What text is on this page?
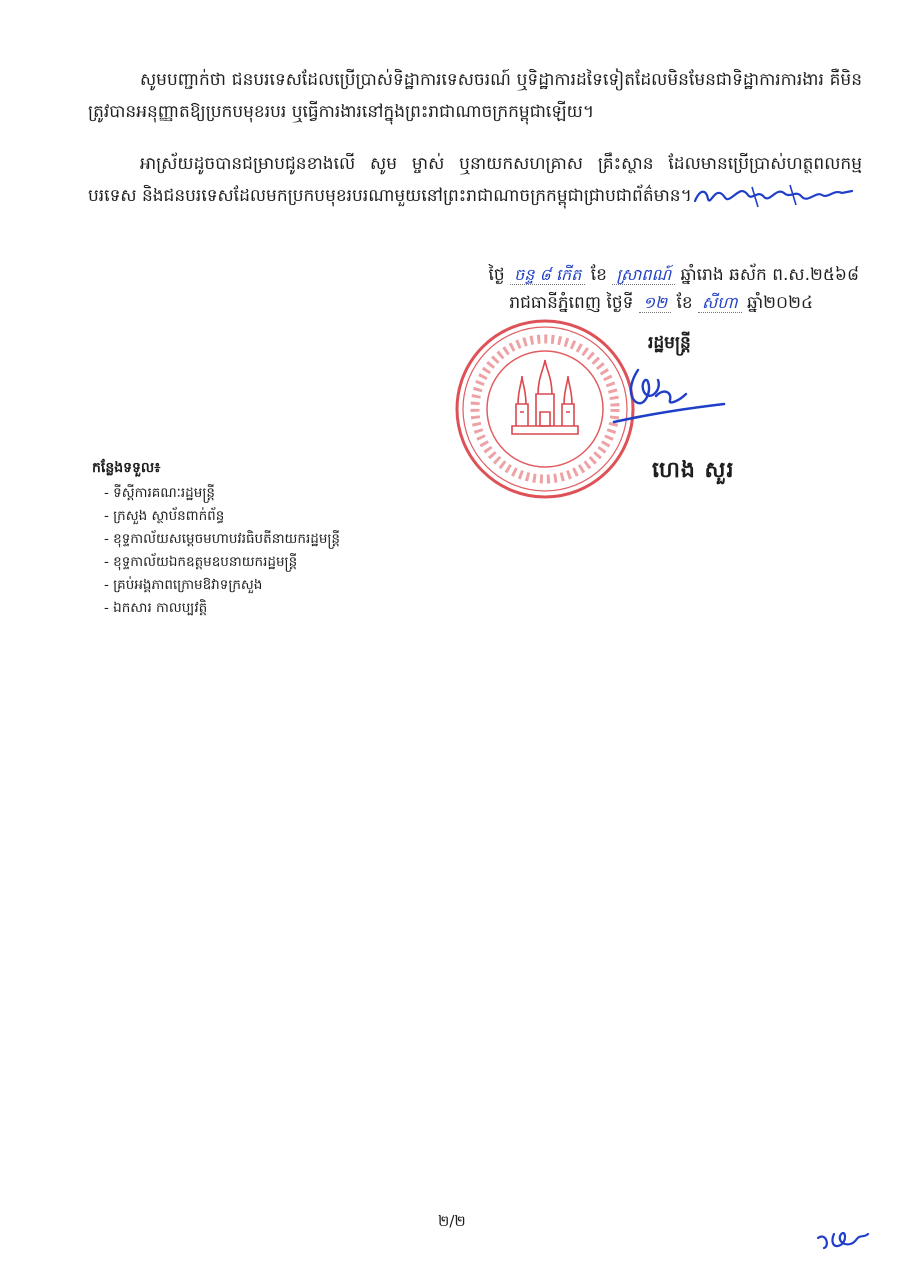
សូមបញ្ជាក់ថា ជនបរទេសដែលប្រើប្រាស់ទិដ្ឋាការទេសចរណ៍ ឬទិដ្ឋាការដទៃទៀតដែលមិនមែនជាទិដ្ឋាការការងារ គឺមិនត្រូវបានអនុញ្ញាតឱ្យប្រកបមុខរបរ ឬធ្វើការងារនៅក្នុងព្រះរាជាណាចក្រកម្ពុជាឡើយ។

អាស្រ័យដូចបានជម្រាបជូនខាងលើ សូម ម្ចាស់ ឬនាយកសហគ្រាស គ្រឹះស្ថាន ដែលមានប្រើប្រាស់ហត្ថពលកម្មបរទេស និងជនបរទេសដែលមកប្រកបមុខរបរណាមួយនៅព្រះរាជាណាចក្រកម្ពុជាជ្រាបជាព័ត៌មាន។

ថ្ងៃ ចន្ទ ៨ កើត ខែ ស្រាពណ៍ ឆ្នាំរោង ឆស័ក ព.ស.២៥៦៨
រាជធានីភ្នំពេញ ថ្ងៃទី ១២ ខែ សីហា ឆ្នាំ២០២៤
រដ្ឋមន្ត្រី
ហេង សួរ
កន្លែងទទួល៖
- ទីស្តីការគណៈរដ្ឋមន្ត្រី
- ក្រសួង ស្ថាប័នពាក់ព័ន្ធ
- ខុទ្ទកាល័យសម្តេចមហាបវរធិបតីនាយករដ្ឋមន្ត្រី
- ខុទ្ទកាល័យឯកឧត្តមឧបនាយករដ្ឋមន្ត្រី
- គ្រប់អង្គភាពក្រោមឱវាទក្រសួង
- ឯកសារ កាលប្បវត្តិ
២/២
